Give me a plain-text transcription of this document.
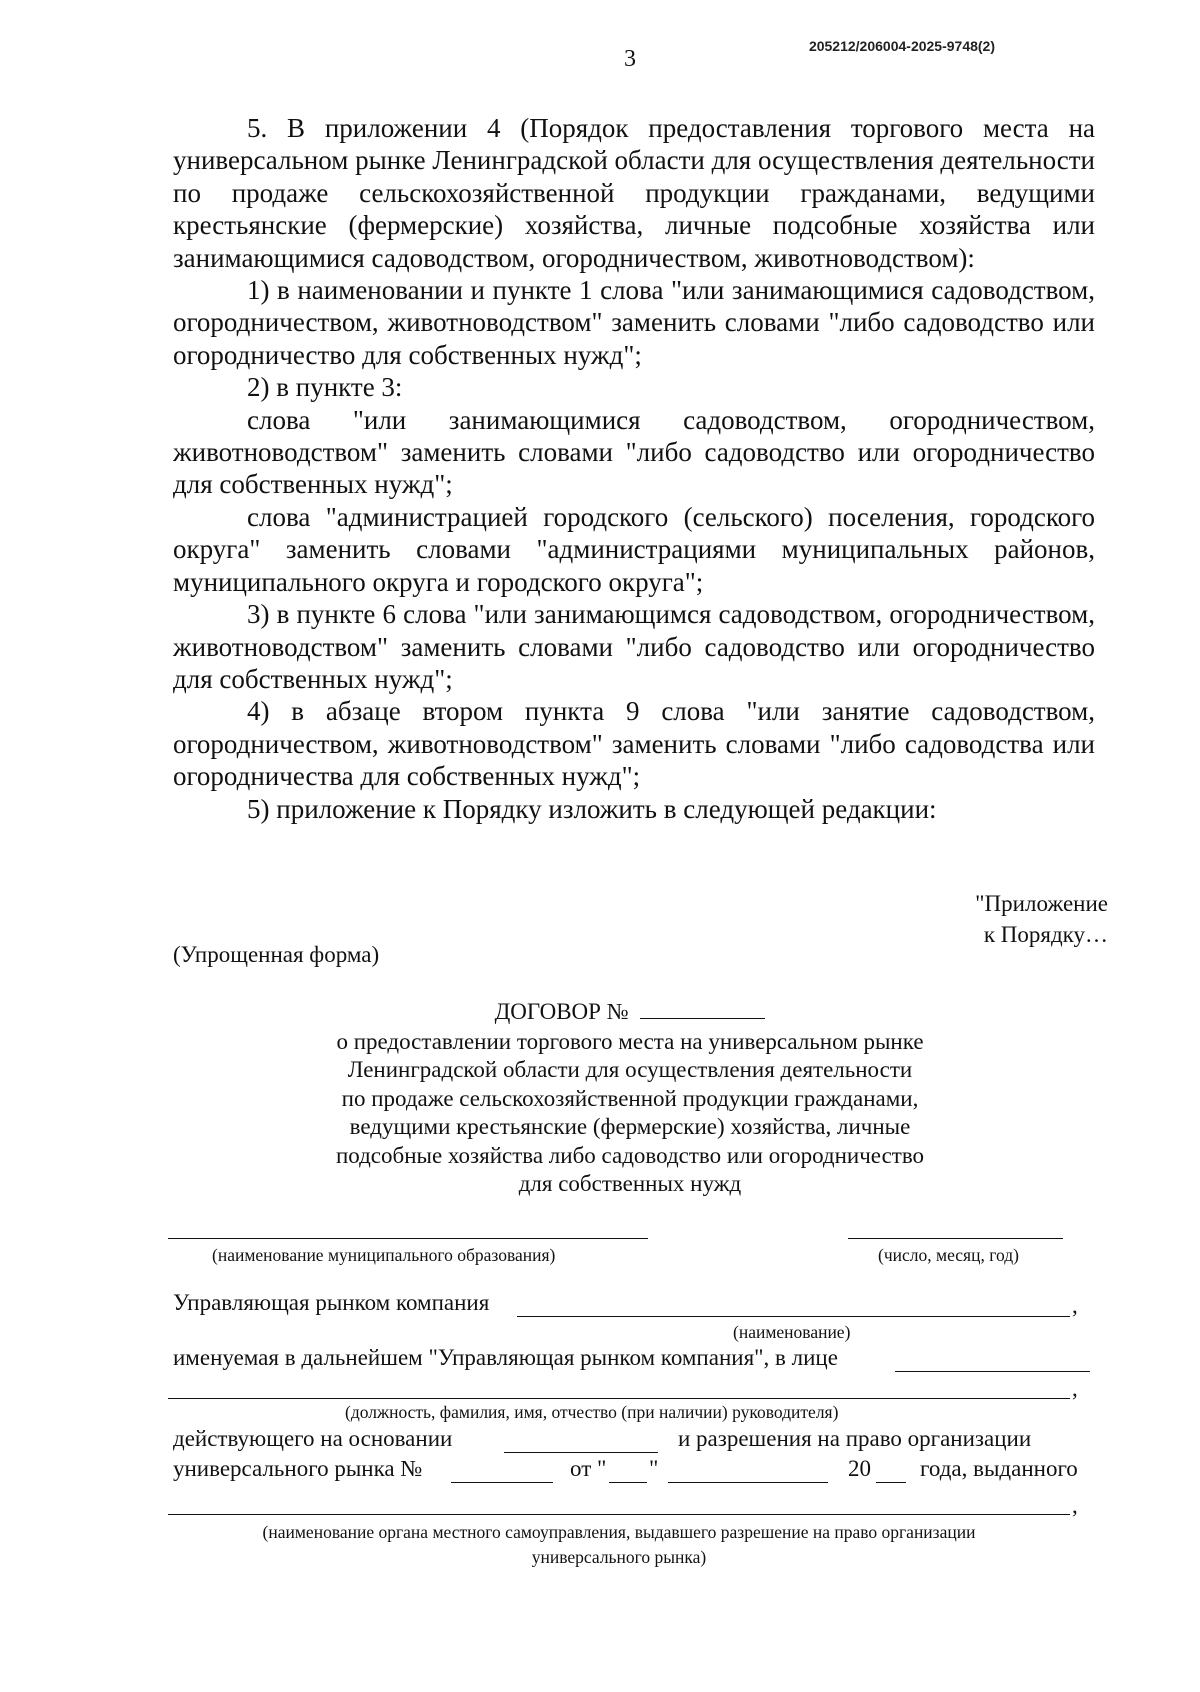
205212/206004-2025-9748(2)
3

5. В приложении 4 (Порядок предоставления торгового места на универсальном рынке Ленинградской области для осуществления деятельности по продаже сельскохозяйственной продукции гражданами, ведущими крестьянские (фермерские) хозяйства, личные подсобные хозяйства или занимающимися садоводством, огородничеством, животноводством):

1) в наименовании и пункте 1 слова "или занимающимися садоводством, огородничеством, животноводством" заменить словами "либо садоводство или огородничество для собственных нужд";

2) в пункте 3:

слова "или занимающимися садоводством, огородничеством, животноводством" заменить словами "либо садоводство или огородничество для собственных нужд";

слова "администрацией городского (сельского) поселения, городского округа" заменить словами "администрациями муниципальных районов, муниципального округа и городского округа";

3) в пункте 6 слова "или занимающимся садоводством, огородничеством, животноводством" заменить словами "либо садоводство или огородничество для собственных нужд";

4) в абзаце втором пункта 9 слова "или занятие садоводством, огородничеством, животноводством" заменить словами "либо садоводства или огородничества для собственных нужд";

5) приложение к Порядку изложить в следующей редакции:

"Приложение
к Порядку…
(Упрощенная форма)
ДОГОВОР №
о предоставлении торгового места на универсальном рынке
Ленинградской области для осуществления деятельности
по продаже сельскохозяйственной продукции гражданами,
ведущими крестьянские (фермерские) хозяйства, личные
подсобные хозяйства либо садоводство или огородничество
для собственных нужд
(наименование муниципального образования)	(число, месяц, год)
Управляющая рынком компания	,
(наименование)
именуемая в дальнейшем "Управляющая рынком компания", в лице
,
(должность, фамилия, имя, отчество (при наличии) руководителя)
действующего на основании	и разрешения на право организации
универсального рынка №	от " "	20 года, выданного
,
(наименование органа местного самоуправления, выдавшего разрешение на право организации
универсального рынка)
